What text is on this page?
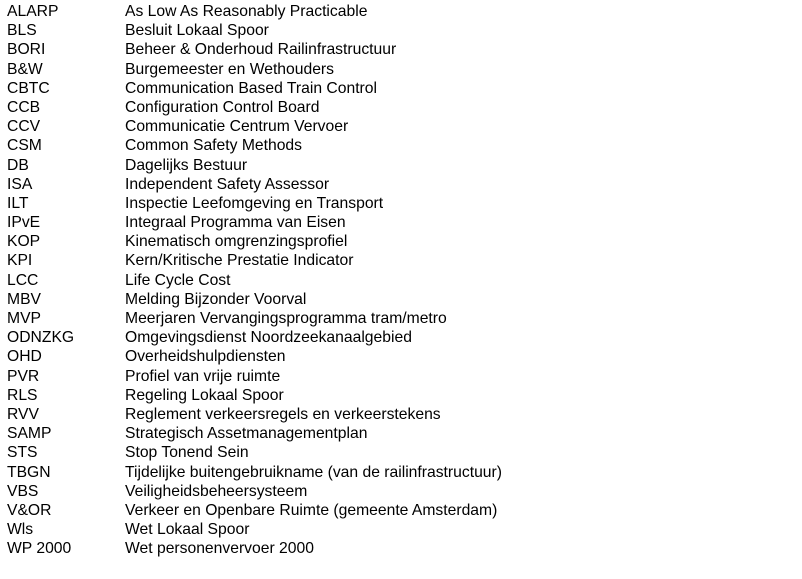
ALARP	As Low As Reasonably Practicable
BLS	Besluit Lokaal Spoor
BORI	Beheer & Onderhoud Railinfrastructuur
B&W	Burgemeester en Wethouders
CBTC	Communication Based Train Control
CCB	Configuration Control Board
CCV	Communicatie Centrum Vervoer
CSM	Common Safety Methods
DB	Dagelijks Bestuur
ISA	Independent Safety Assessor
ILT	Inspectie Leefomgeving en Transport
IPvE	Integraal Programma van Eisen
KOP	Kinematisch omgrenzingsprofiel
KPI	Kern/Kritische Prestatie Indicator
LCC	Life Cycle Cost
MBV	Melding Bijzonder Voorval
MVP	Meerjaren Vervangingsprogramma tram/metro
ODNZKG	Omgevingsdienst Noordzeekanaalgebied
OHD	Overheidshulpdiensten
PVR	Profiel van vrije ruimte
RLS	Regeling Lokaal Spoor
RVV	Reglement verkeersregels en verkeerstekens
SAMP	Strategisch Assetmanagementplan
STS	Stop Tonend Sein
TBGN	Tijdelijke buitengebruikname (van de railinfrastructuur)
VBS	Veiligheidsbeheersysteem
V&OR	Verkeer en Openbare Ruimte (gemeente Amsterdam)
Wls	Wet Lokaal Spoor
WP 2000	Wet personenvervoer 2000
